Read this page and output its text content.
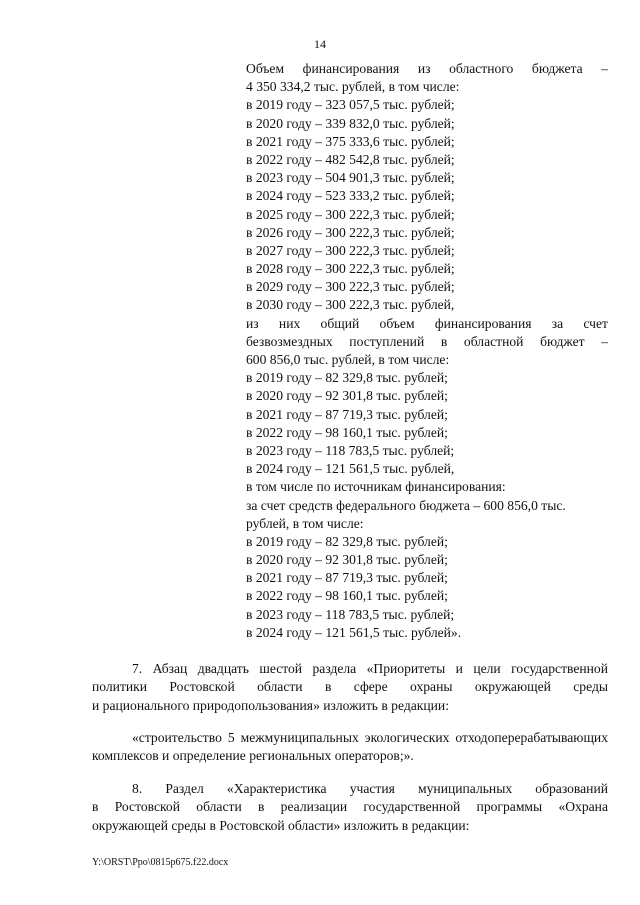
14
Объем финансирования из областного бюджета –
4 350 334,2 тыс. рублей, в том числе:
в 2019 году – 323 057,5 тыс. рублей;
в 2020 году – 339 832,0 тыс. рублей;
в 2021 году – 375 333,6 тыс. рублей;
в 2022 году – 482 542,8 тыс. рублей;
в 2023 году – 504 901,3 тыс. рублей;
в 2024 году – 523 333,2 тыс. рублей;
в 2025 году – 300 222,3 тыс. рублей;
в 2026 году – 300 222,3 тыс. рублей;
в 2027 году – 300 222,3 тыс. рублей;
в 2028 году – 300 222,3 тыс. рублей;
в 2029 году – 300 222,3 тыс. рублей;
в 2030 году – 300 222,3 тыс. рублей,
из них общий объем финансирования за счет
безвозмездных поступлений в областной бюджет –
600 856,0 тыс. рублей, в том числе:
в 2019 году – 82 329,8 тыс. рублей;
в 2020 году – 92 301,8 тыс. рублей;
в 2021 году – 87 719,3 тыс. рублей;
в 2022 году – 98 160,1 тыс. рублей;
в 2023 году – 118 783,5 тыс. рублей;
в 2024 году – 121 561,5 тыс. рублей,
в том числе по источникам финансирования:
за счет средств федерального бюджета – 600 856,0 тыс.
рублей, в том числе:
в 2019 году – 82 329,8 тыс. рублей;
в 2020 году – 92 301,8 тыс. рублей;
в 2021 году – 87 719,3 тыс. рублей;
в 2022 году – 98 160,1 тыс. рублей;
в 2023 году – 118 783,5 тыс. рублей;
в 2024 году – 121 561,5 тыс. рублей».
7. Абзац двадцать шестой раздела «Приоритеты и цели государственной
политики Ростовской области в сфере охраны окружающей среды
и рационального природопользования» изложить в редакции:
«строительство 5 межмуниципальных экологических отходоперерабатывающих
комплексов и определение региональных операторов;».
8. Раздел «Характеристика участия муниципальных образований
в Ростовской области в реализации государственной программы «Охрана
окружающей среды в Ростовской области» изложить в редакции:
Y:\ORST\Ppo\0815p675.f22.docx
